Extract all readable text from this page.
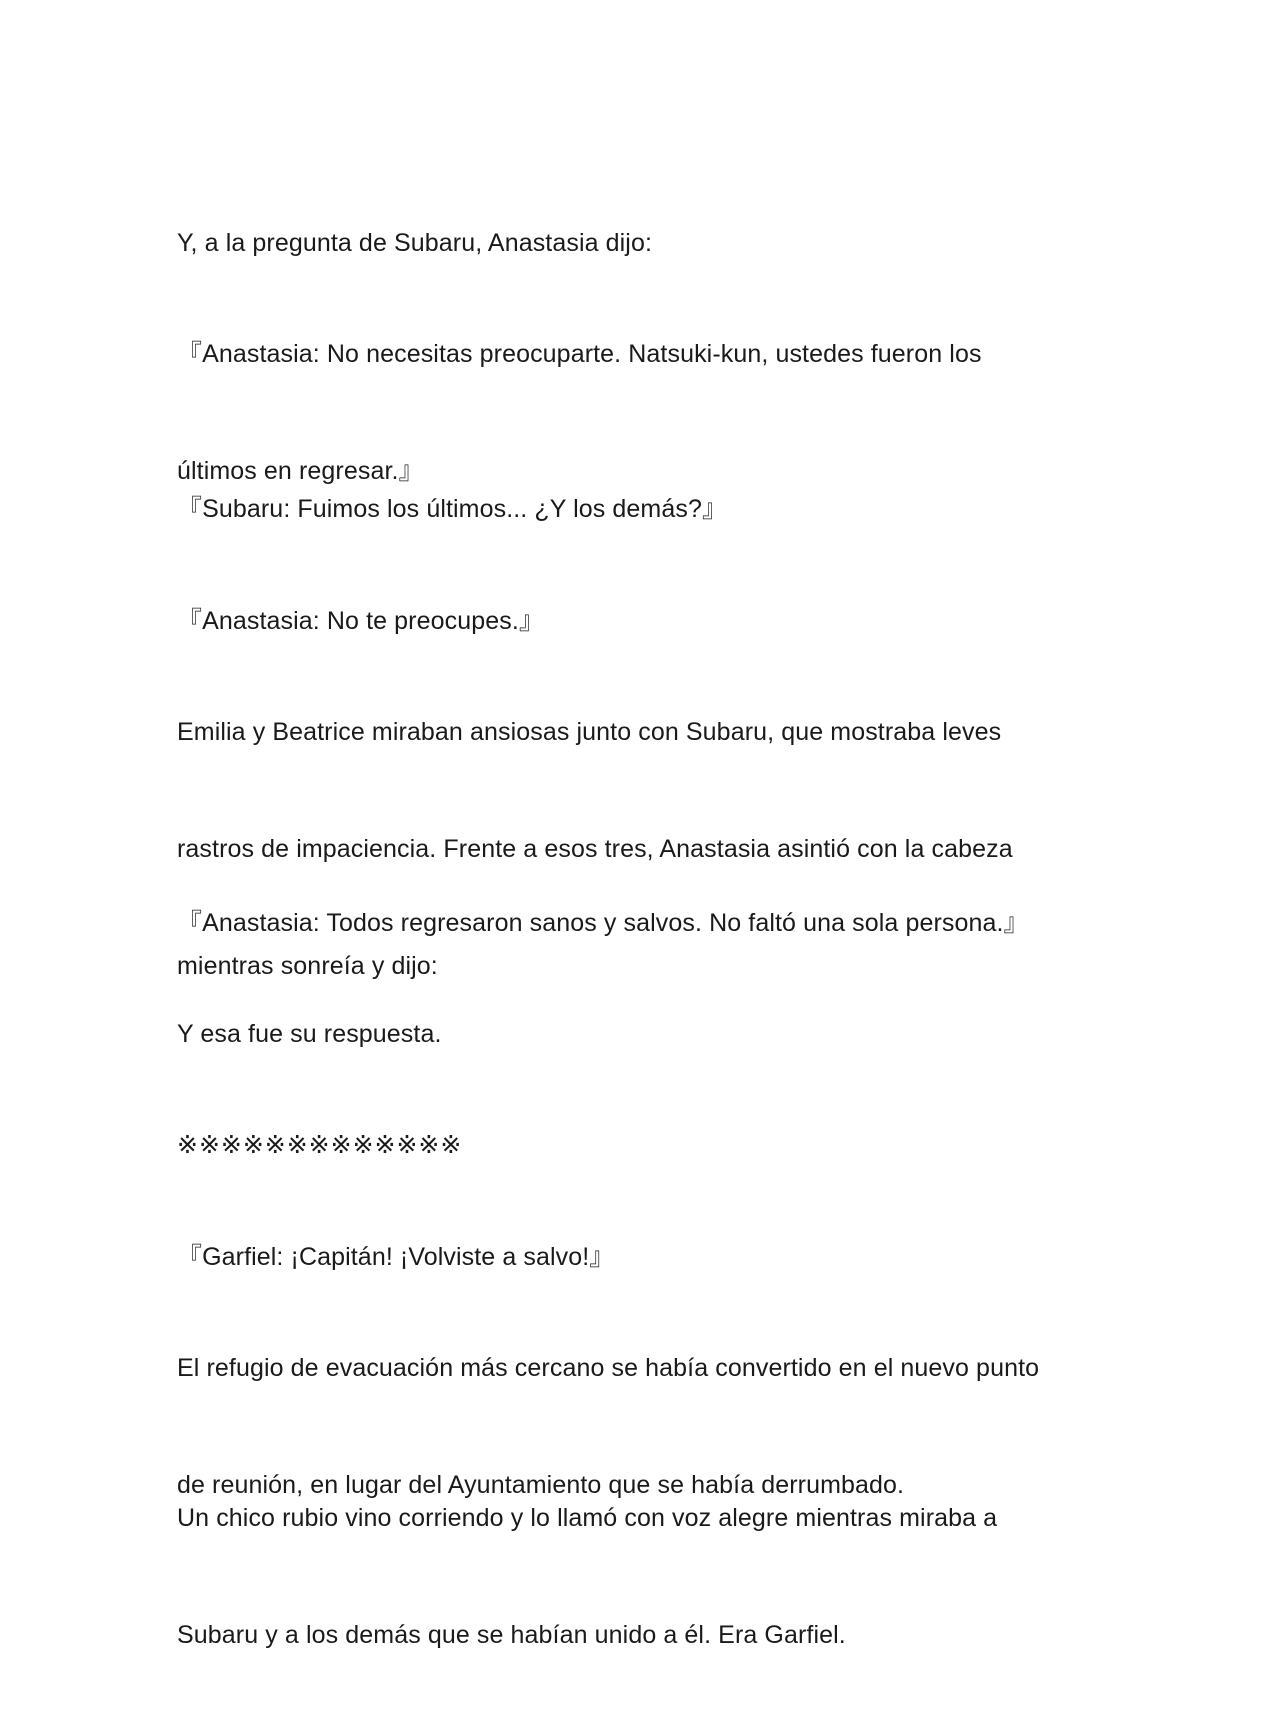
Y, a la pregunta de Subaru, Anastasia dijo:

『Anastasia: No necesitas preocuparte. Natsuki-kun, ustedes fueron los

últimos en regresar.』

『Subaru: Fuimos los últimos... ¿Y los demás?』

『Anastasia: No te preocupes.』

Emilia y Beatrice miraban ansiosas junto con Subaru, que mostraba leves

rastros de impaciencia. Frente a esos tres, Anastasia asintió con la cabeza

mientras sonreía y dijo:

『Anastasia: Todos regresaron sanos y salvos. No faltó una sola persona.』

Y esa fue su respuesta.

※※※※※※※※※※※※※

『Garfiel: ¡Capitán! ¡Volviste a salvo!』

El refugio de evacuación más cercano se había convertido en el nuevo punto

de reunión, en lugar del Ayuntamiento que se había derrumbado.

Un chico rubio vino corriendo y lo llamó con voz alegre mientras miraba a

Subaru y a los demás que se habían unido a él. Era Garfiel.
